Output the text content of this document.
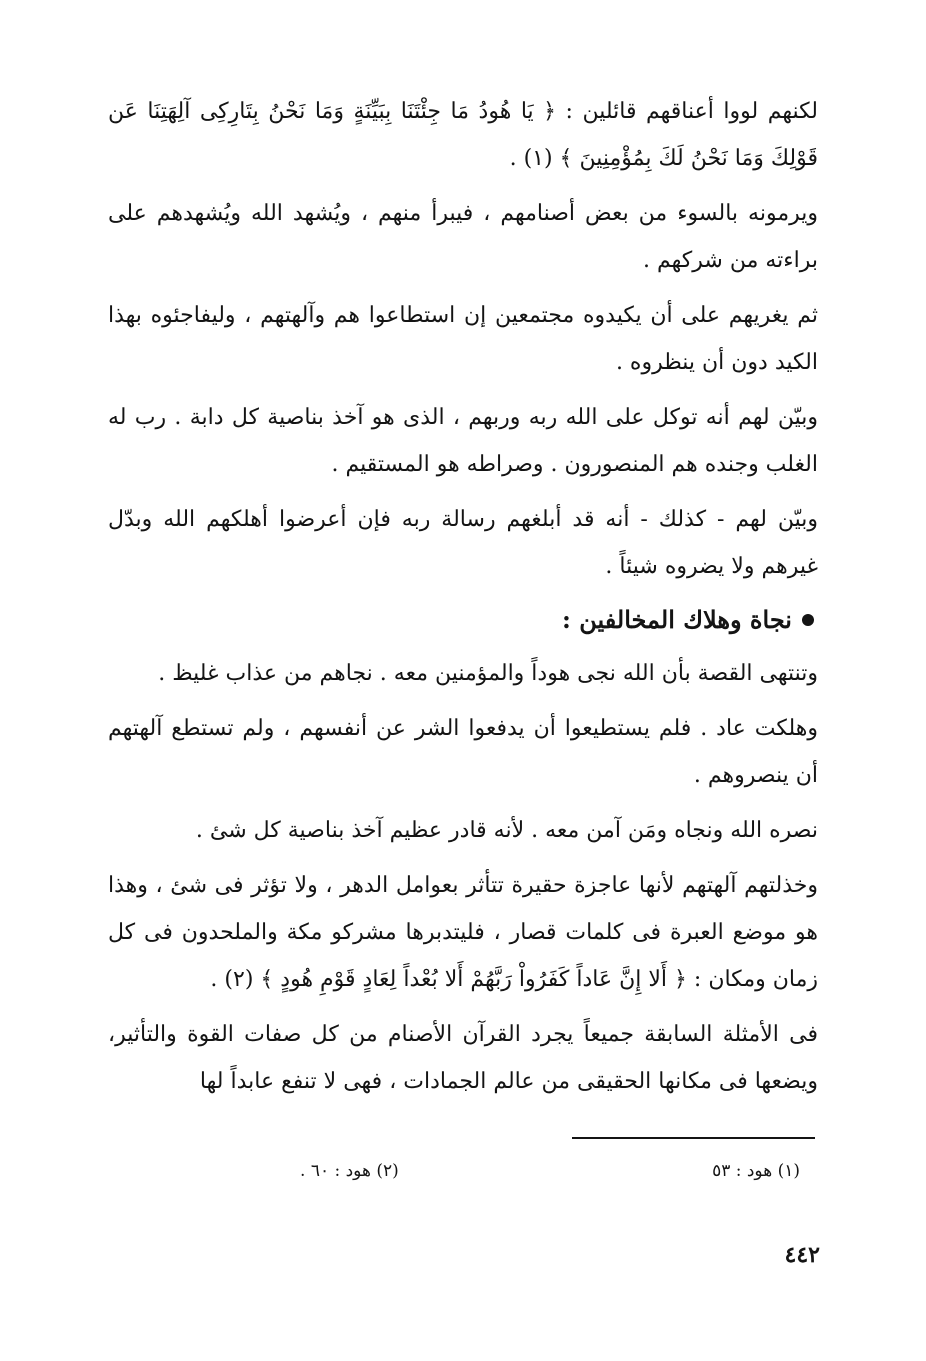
لكنهم لووا أعناقهم قائلين : ﴿ يَا هُودُ مَا جِئْتَنَا بِبَيِّنَةٍ وَمَا نَحْنُ بِتَارِكِى آلِهَتِنَا عَن قَوْلِكَ وَمَا نَحْنُ لَكَ بِمُؤْمِنِينَ ﴾ (١) .

ويرمونه بالسوء من بعض أصنامهم ، فيبرأ منهم ، ويُشهد الله ويُشهدهم على براءته من شركهم .

ثم يغريهم على أن يكيدوه مجتمعين إن استطاعوا هم وآلهتهم ، وليفاجئوه بهذا الكيد دون أن ينظروه .

وبيّن لهم أنه توكل على الله ربه وربهم ، الذى هو آخذ بناصية كل دابة . رب له الغلب وجنده هم المنصورون . وصراطه هو المستقيم .

وبيّن لهم - كذلك - أنه قد أبلغهم رسالة ربه فإن أعرضوا أهلكهم الله وبدّل غيرهم ولا يضروه شيئاً .

نجاة وهلاك المخالفين :

وتنتهى القصة بأن الله نجى هوداً والمؤمنين معه . نجاهم من عذاب غليظ .

وهلكت عاد . فلم يستطيعوا أن يدفعوا الشر عن أنفسهم ، ولم تستطع آلهتهم أن ينصروهم .

نصره الله ونجاه ومَن آمن معه . لأنه قادر عظيم آخذ بناصية كل شئ .

وخذلتهم آلهتهم لأنها عاجزة حقيرة تتأثر بعوامل الدهر ، ولا تؤثر فى شئ ، وهذا هو موضع العبرة فى كلمات قصار ، فليتدبرها مشركو مكة والملحدون فى كل زمان ومكان : ﴿ أَلا إِنَّ عَاداً كَفَرُواْ رَبَّهُمْ أَلا بُعْداً لِعَادٍ قَوْمِ هُودٍ ﴾ (٢) .

فى الأمثلة السابقة جميعاً يجرد القرآن الأصنام من كل صفات القوة والتأثير، ويضعها فى مكانها الحقيقى من عالم الجمادات ، فهى لا تنفع عابداً لها

(١) هود : ٥٣
(٢) هود : ٦٠ .
٤٤٢
